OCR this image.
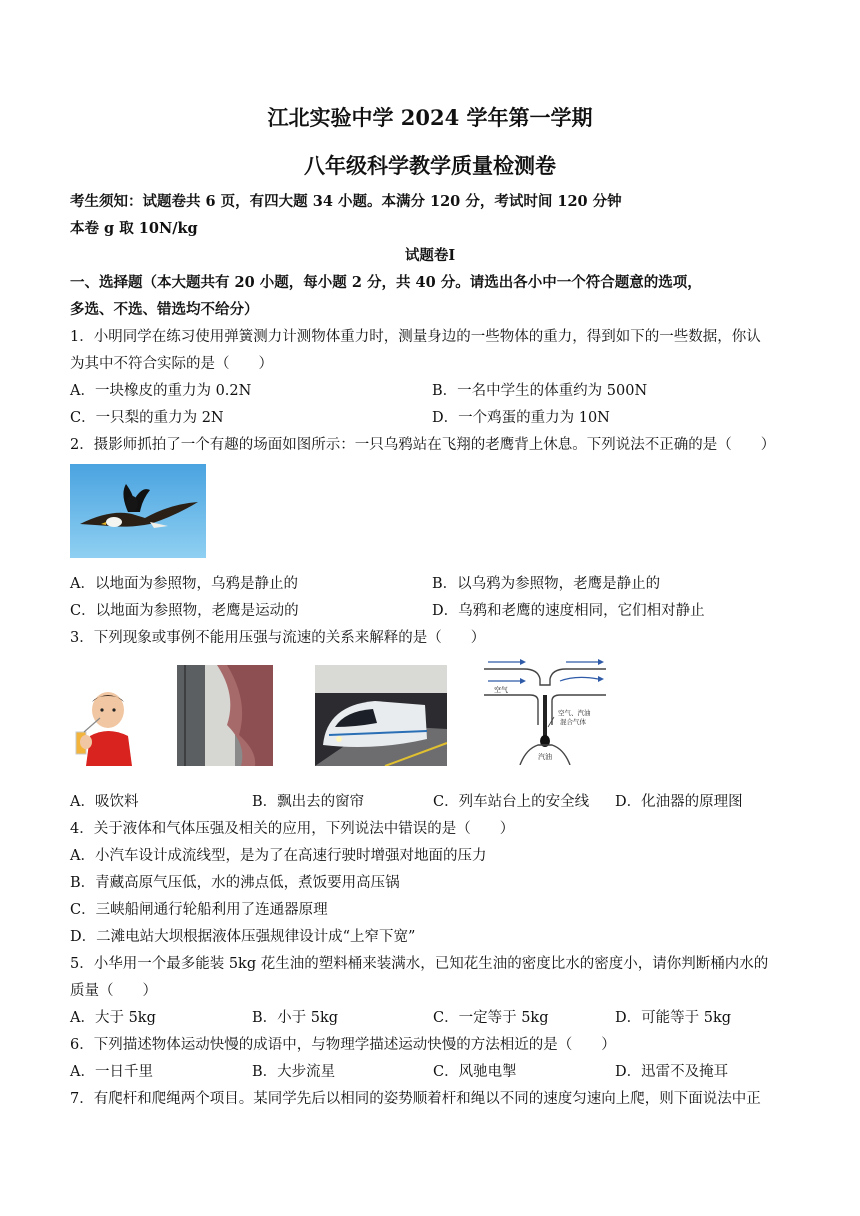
江北实验中学 2024 学年第一学期
八年级科学教学质量检测卷
考生须知：试题卷共 6 页，有四大题 34 小题。本满分 120 分，考试时间 120 分钟
本卷 g 取 10N/kg
试题卷Ⅰ
一、选择题（本大题共有 20 小题，每小题 2 分，共 40 分。请选出各小中一个符合题意的选项，
多选、不选、错选均不给分）
1．小明同学在练习使用弹簧测力计测物体重力时，测量身边的一些物体的重力，得到如下的一些数据，你认
为其中不符合实际的是（　　）
A．一块橡皮的重力为 0.2N	B．一名中学生的体重约为 500N
C．一只梨的重力为 2N	D．一个鸡蛋的重力为 10N
2．摄影师抓拍了一个有趣的场面如图所示：一只乌鸦站在飞翔的老鹰背上休息。下列说法不正确的是（　　）
A．以地面为参照物，乌鸦是静止的	B．以乌鸦为参照物，老鹰是静止的
C．以地面为参照物，老鹰是运动的	D．乌鸦和老鹰的速度相同，它们相对静止
3．下列现象或事例不能用压强与流速的关系来解释的是（　　）
空气
空气、汽油
混合气体
汽油
A．吸饮料	B．飘出去的窗帘	C．列车站台上的安全线 D．化油器的原理图
4．关于液体和气体压强及相关的应用，下列说法中错误的是（　　）
A．小汽车设计成流线型，是为了在高速行驶时增强对地面的压力
B．青藏高原气压低，水的沸点低，煮饭要用高压锅
C．三峡船闸通行轮船利用了连通器原理
D．二滩电站大坝根据液体压强规律设计成“上窄下宽”
5．小华用一个最多能装 5kg 花生油的塑料桶来装满水，已知花生油的密度比水的密度小，请你判断桶内水的
质量（　　）
A．大于 5kg	B．小于 5kg	C．一定等于 5kg	D．可能等于 5kg
6．下列描述物体运动快慢的成语中，与物理学描述运动快慢的方法相近的是（　　）
A．一日千里	B．大步流星	C．风驰电掣	D．迅雷不及掩耳
7．有爬杆和爬绳两个项目。某同学先后以相同的姿势顺着杆和绳以不同的速度匀速向上爬，则下面说法中正
